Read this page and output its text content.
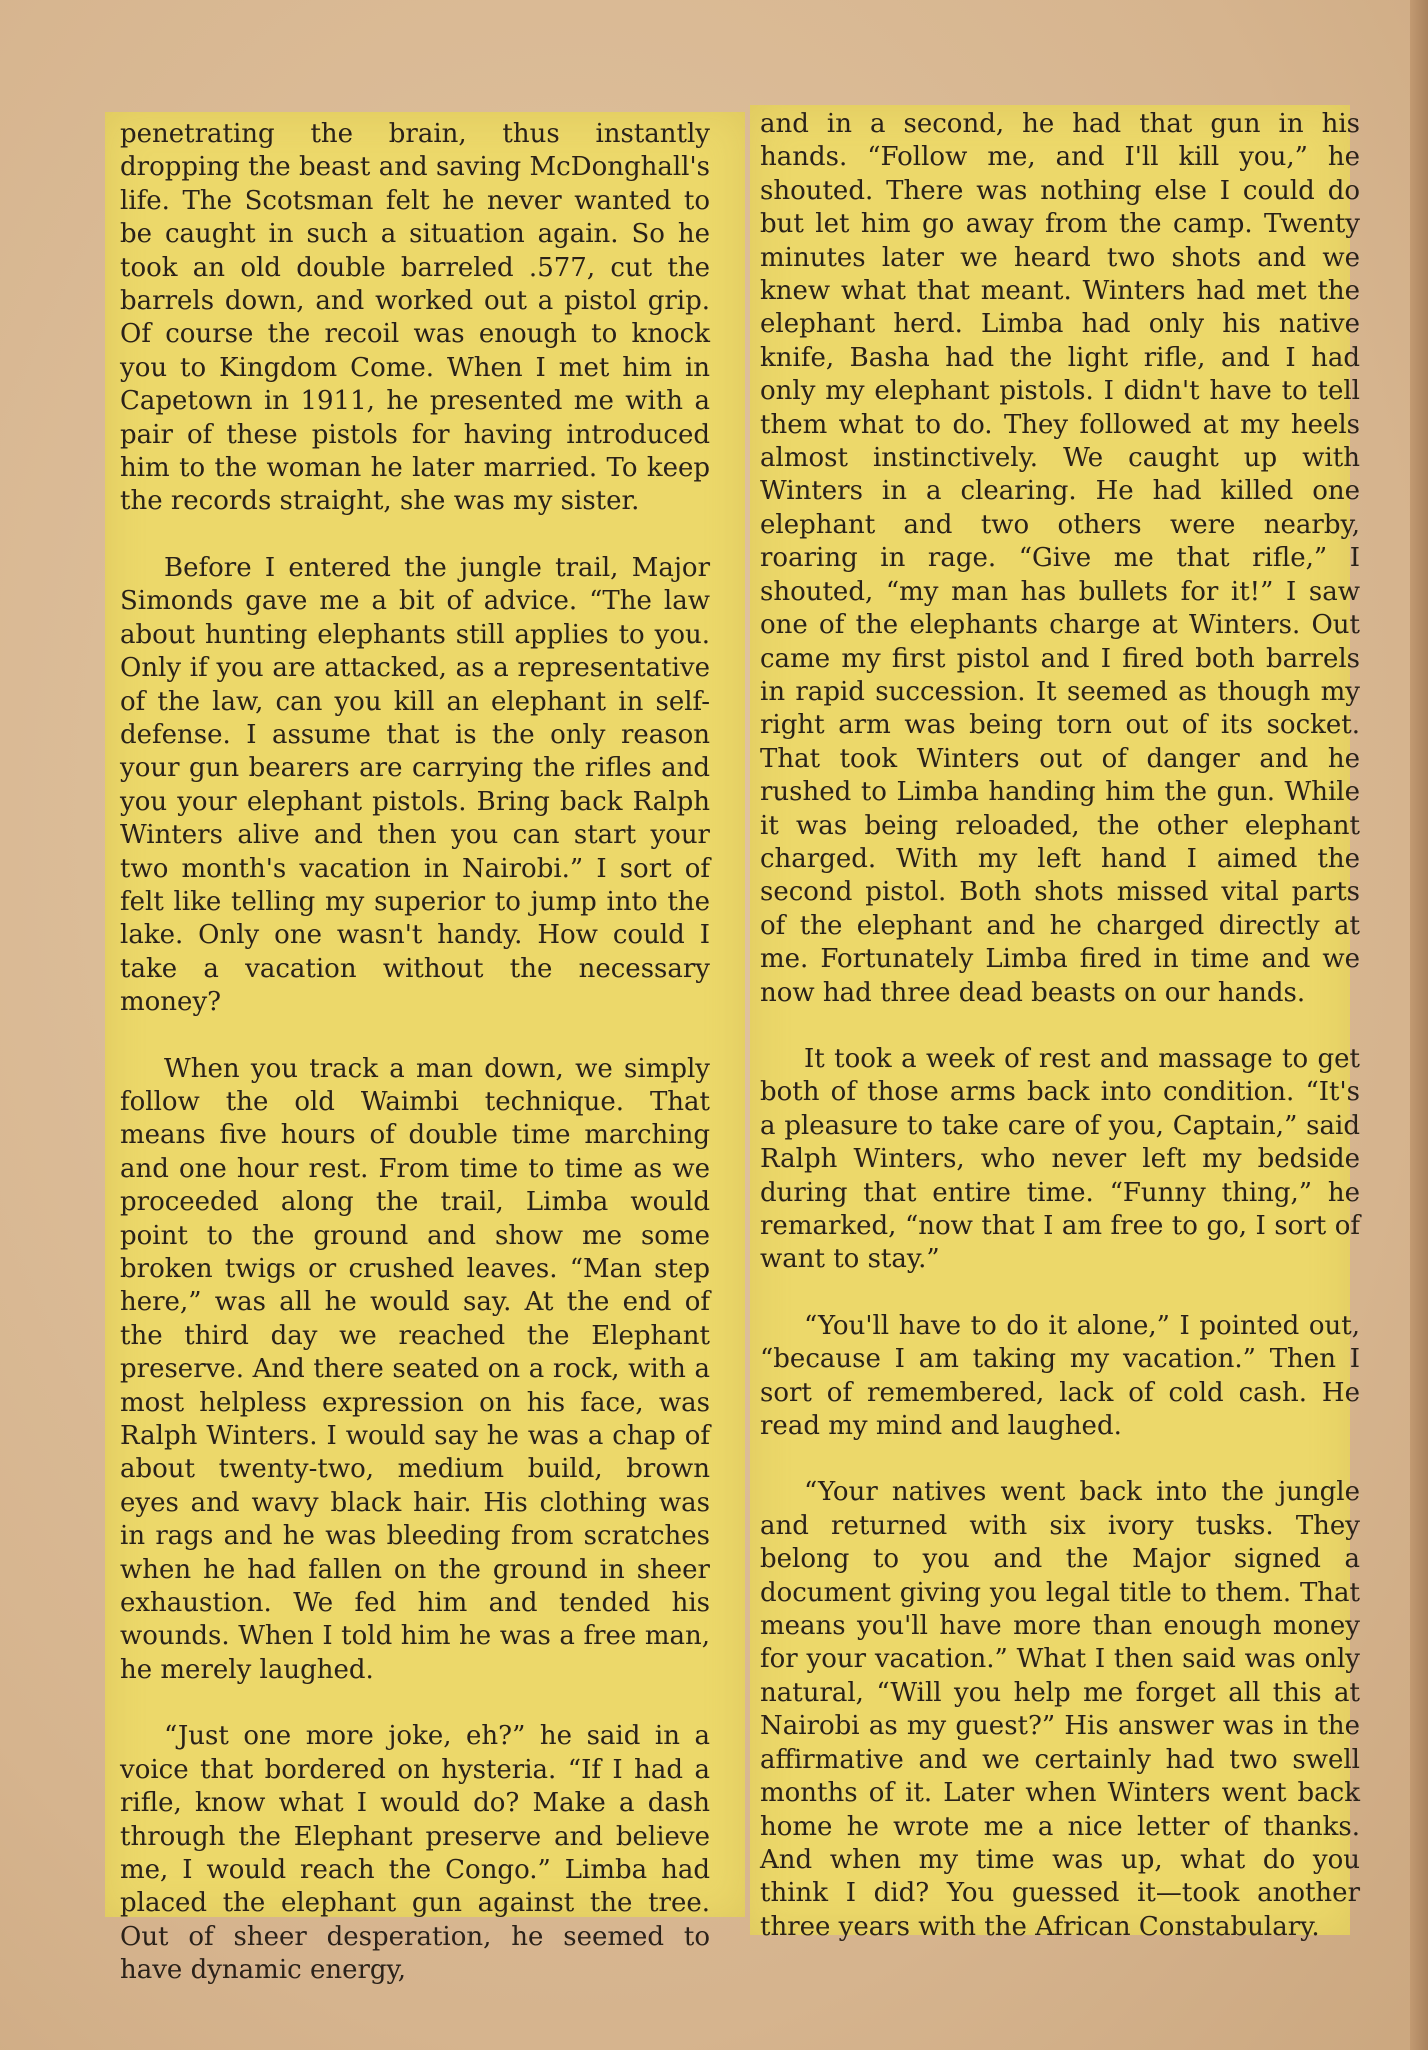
penetrating the brain, thus instantly dropping the beast and saving McDonghall's life. The Scotsman felt he never wanted to be caught in such a situation again. So he took an old double barreled .577, cut the barrels down, and worked out a pistol grip. Of course the recoil was enough to knock you to Kingdom Come. When I met him in Capetown in 1911, he presented me with a pair of these pistols for having introduced him to the woman he later married. To keep the records straight, she was my sister.

Before I entered the jungle trail, Major Simonds gave me a bit of advice. “The law about hunting elephants still applies to you. Only if you are attacked, as a representative of the law, can you kill an elephant in self-defense. I assume that is the only reason your gun bearers are carrying the rifles and you your elephant pistols. Bring back Ralph Winters alive and then you can start your two month's vacation in Nairobi.” I sort of felt like telling my superior to jump into the lake. Only one wasn't handy. How could I take a vacation without the necessary money?

When you track a man down, we simply follow the old Waimbi technique. That means five hours of double time marching and one hour rest. From time to time as we proceeded along the trail, Limba would point to the ground and show me some broken twigs or crushed leaves. “Man step here,” was all he would say. At the end of the third day we reached the Elephant preserve. And there seated on a rock, with a most helpless expression on his face, was Ralph Winters. I would say he was a chap of about twenty-two, medium build, brown eyes and wavy black hair. His clothing was in rags and he was bleeding from scratches when he had fallen on the ground in sheer exhaustion. We fed him and tended his wounds. When I told him he was a free man, he merely laughed.

“Just one more joke, eh?” he said in a voice that bordered on hysteria. “If I had a rifle, know what I would do? Make a dash through the Elephant preserve and believe me, I would reach the Congo.” Limba had placed the elephant gun against the tree. Out of sheer desperation, he seemed to have dynamic energy,

and in a second, he had that gun in his hands. “Follow me, and I'll kill you,” he shouted. There was nothing else I could do but let him go away from the camp. Twenty minutes later we heard two shots and we knew what that meant. Winters had met the elephant herd. Limba had only his native knife, Basha had the light rifle, and I had only my elephant pistols. I didn't have to tell them what to do. They followed at my heels almost instinctively. We caught up with Winters in a clearing. He had killed one elephant and two others were nearby, roaring in rage. “Give me that rifle,” I shouted, “my man has bullets for it!” I saw one of the elephants charge at Winters. Out came my first pistol and I fired both barrels in rapid succession. It seemed as though my right arm was being torn out of its socket. That took Winters out of danger and he rushed to Limba handing him the gun. While it was being reloaded, the other elephant charged. With my left hand I aimed the second pistol. Both shots missed vital parts of the elephant and he charged directly at me. Fortunately Limba fired in time and we now had three dead beasts on our hands.

It took a week of rest and massage to get both of those arms back into condition. “It's a pleasure to take care of you, Captain,” said Ralph Winters, who never left my bedside during that entire time. “Funny thing,” he remarked, “now that I am free to go, I sort of want to stay.”

“You'll have to do it alone,” I pointed out, “because I am taking my vacation.” Then I sort of remembered, lack of cold cash. He read my mind and laughed.

“Your natives went back into the jungle and returned with six ivory tusks. They belong to you and the Major signed a document giving you legal title to them. That means you'll have more than enough money for your vacation.” What I then said was only natural, “Will you help me forget all this at Nairobi as my guest?” His answer was in the affirmative and we certainly had two swell months of it. Later when Winters went back home he wrote me a nice letter of thanks. And when my time was up, what do you think I did? You guessed it—took another three years with the African Constabulary.
